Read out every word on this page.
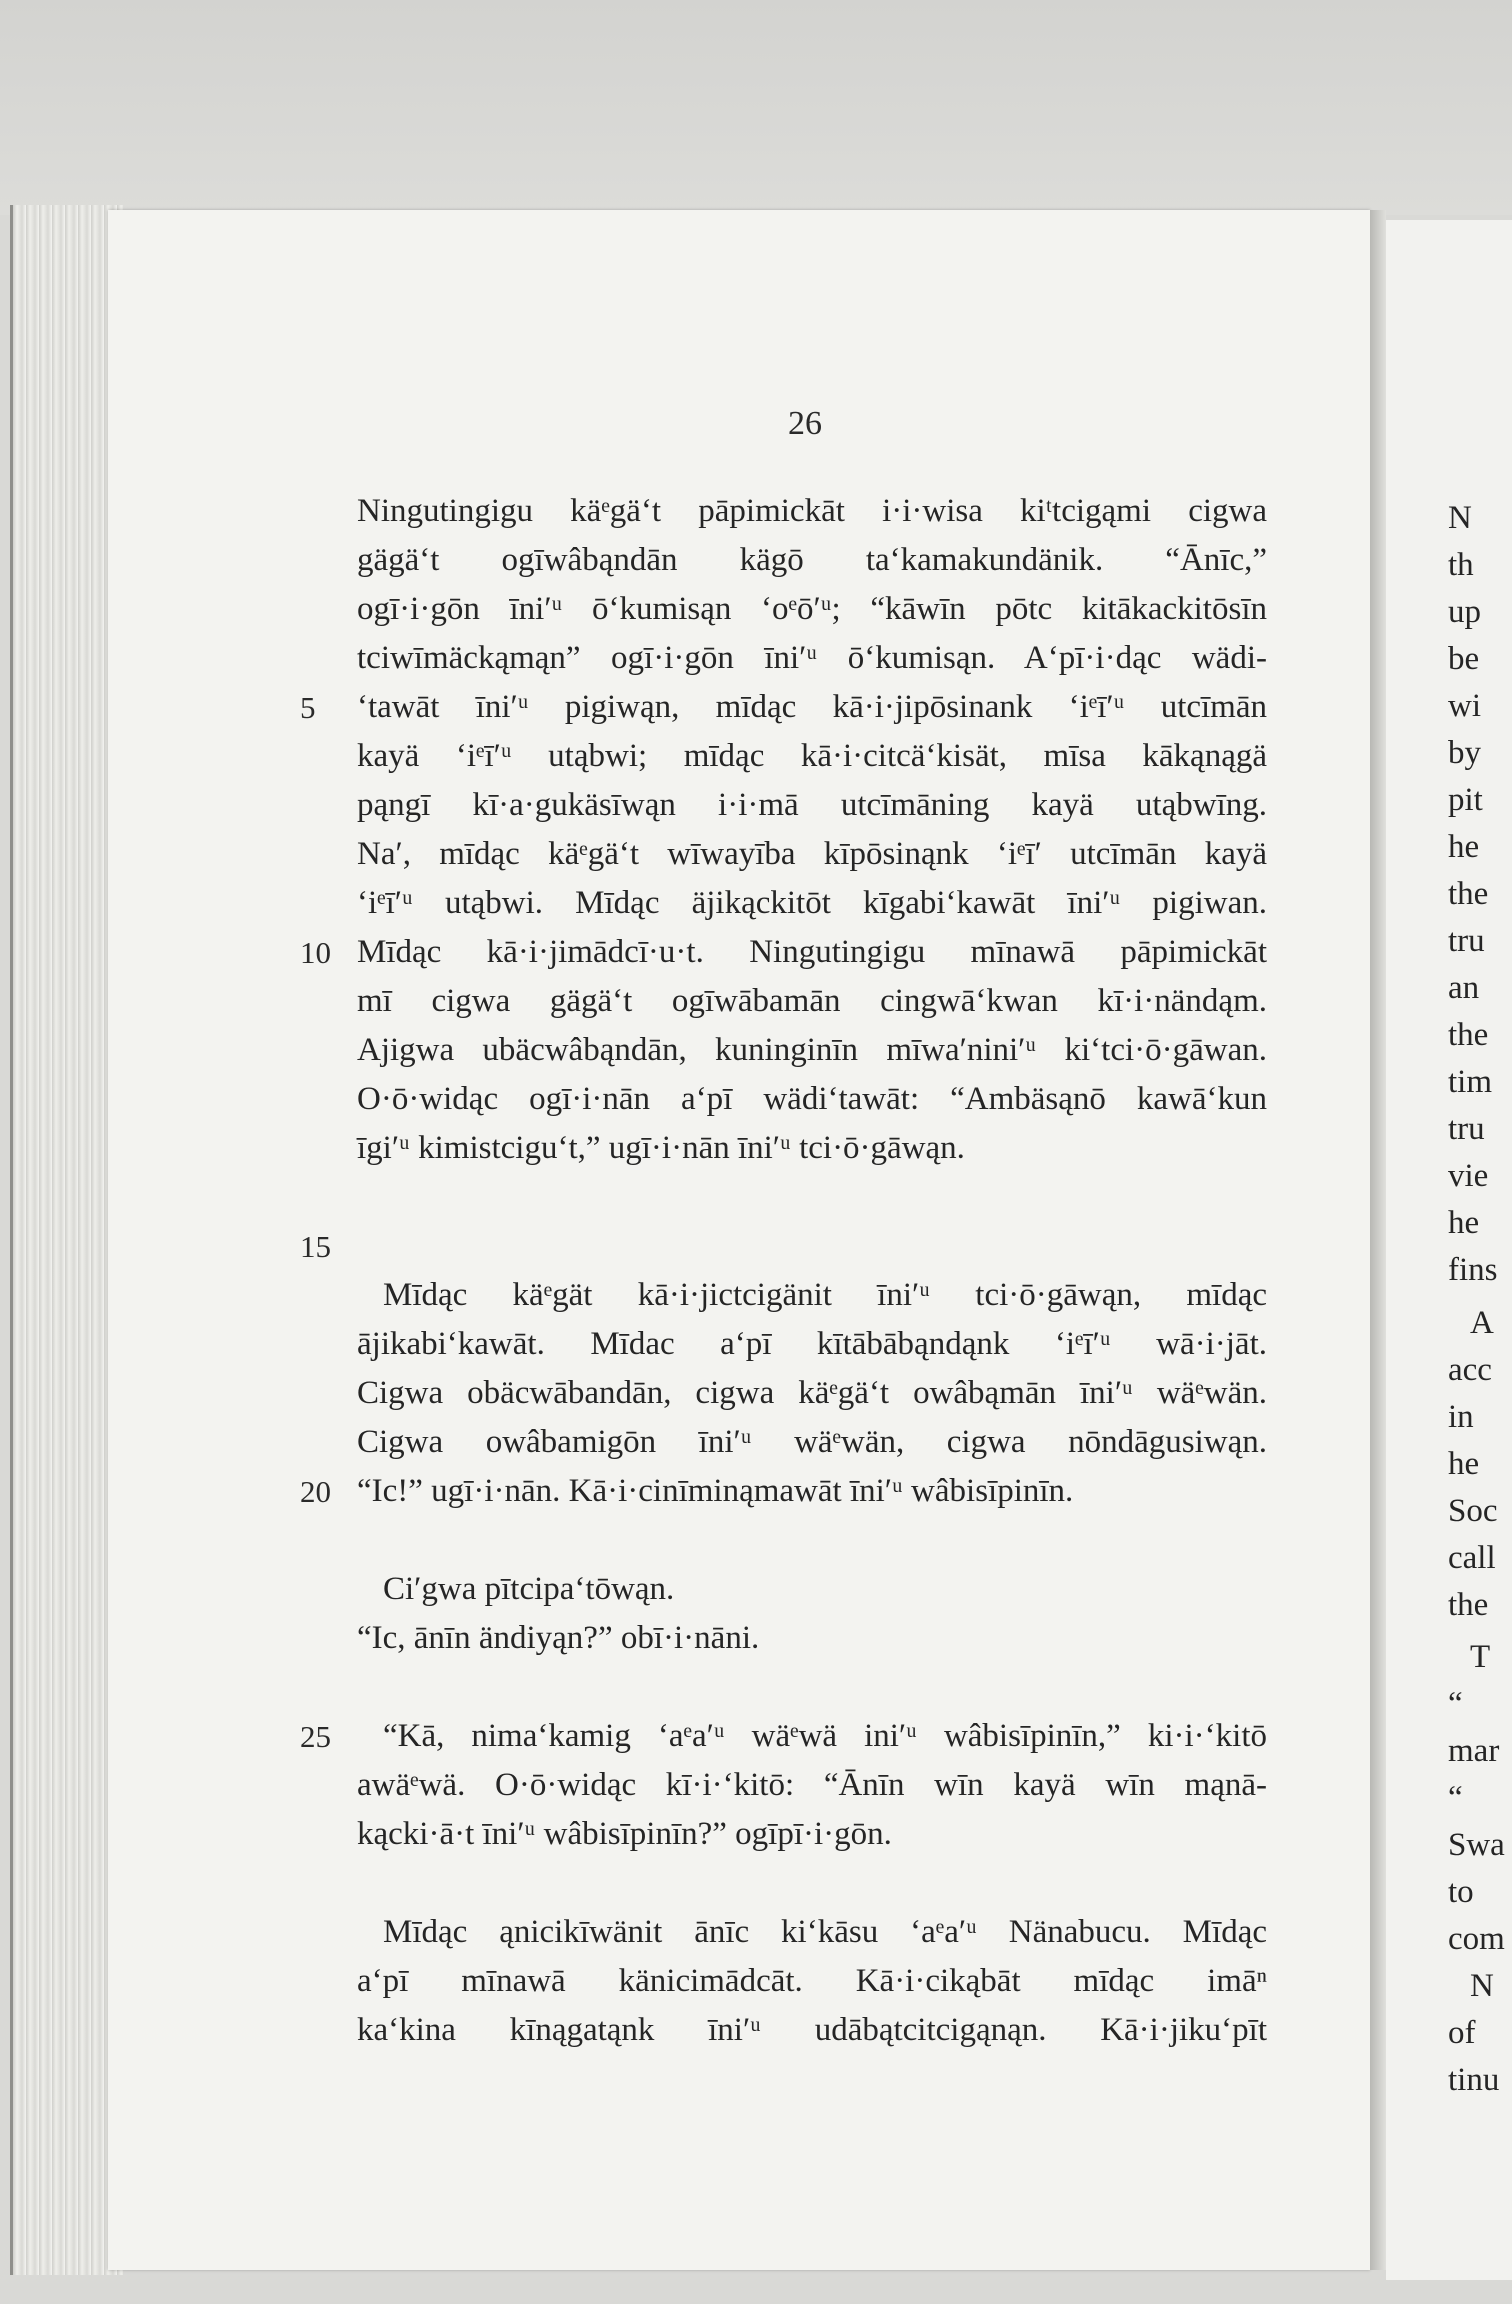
26
5
10
15
20
25
Ningutingigu käᵉgäʻt pāpimickāt i·i·wisa kiᵗtcigąmi cigwa
gägäʻt ogīwâbąndān kägō taʻkamakundänik. “Ānīc,”
ogī·i·gōn īni′ᵘ ōʻkumisąn ʻoᵉō′ᵘ; “kāwīn pōtc kitākackitōsīn
tciwīmäckąmąn” ogī·i·gōn īni′ᵘ ōʻkumisąn. Aʻpī·i·dąc wädi-
ʻtawāt īni′ᵘ pigiwąn, mīdąc kā·i·jipōsinank ʻiᵉī′ᵘ utcīmān
kayä ʻiᵉī′ᵘ utąbwi; mīdąc kā·i·citcäʻkisät, mīsa kākąnągä
pąngī kī·a·gukäsīwąn i·i·mā utcīmāning kayä utąbwīng.
Na′, mīdąc käᵉgäʻt wīwayība kīpōsinąnk ʻiᵉī′ utcīmān kayä
ʻiᵉī′ᵘ utąbwi. Mīdąc äjikąckitōt kīgabiʻkawāt īni′ᵘ pigiwan.
Mīdąc kā·i·jimādcī·u·t. Ningutingigu mīnawā pāpimickāt
mī cigwa gägäʻt ogīwābamān cingwāʻkwan kī·i·nändąm.
Ajigwa ubäcwâbąndān, kuninginīn mīwa′nini′ᵘ kiʻtci·ō·gāwan.
O·ō·widąc ogī·i·nān aʻpī wädiʻtawāt: “Ambäsąnō kawāʻkun
īgi′ᵘ kimistciguʻt,” ugī·i·nān īni′ᵘ tci·ō·gāwąn.
Mīdąc käᵉgät kā·i·jictcigänit īni′ᵘ tci·ō·gāwąn, mīdąc
ājikabiʻkawāt. Mīdac aʻpī kītābābąndąnk ʻiᵉī′ᵘ wā·i·jāt.
Cigwa obäcwābandān, cigwa käᵉgäʻt owâbąmān īni′ᵘ wäᵉwän.
Cigwa owâbamigōn īni′ᵘ wäᵉwän, cigwa nōndāgusiwąn.
“Ic!” ugī·i·nān. Kā·i·cinīminąmawāt īni′ᵘ wâbisīpinīn.
Ci′gwa pītcipaʻtōwąn.
“Ic, ānīn ändiyąn?” obī·i·nāni.
“Kā, nimaʻkamig ʻaᵉa′ᵘ wäᵉwä ini′ᵘ wâbisīpinīn,” ki·i·ʻkitō
awäᵉwä. O·ō·widąc kī·i·ʻkitō: “Ānīn wīn kayä wīn mąnā-
kącki·ā·t īni′ᵘ wâbisīpinīn?” ogīpī·i·gōn.
Mīdąc ąnicikīwänit ānīc kiʻkāsu ʻaᵉa′ᵘ Nänabucu. Mīdąc
aʻpī mīnawā känicimādcāt. Kā·i·cikąbāt mīdąc imāⁿ
kaʻkina kīnągatąnk īni′ᵘ udābątcitcigąnąn. Kā·i·jikuʻpīt
N
th
up
be
wi
by
pit
he
the
tru
an
the
tim
tru
vie
he
fins
A
acc
in
he
Soc
call
the
T
“
mar
“
Swa
to
com
N
of
tinu
